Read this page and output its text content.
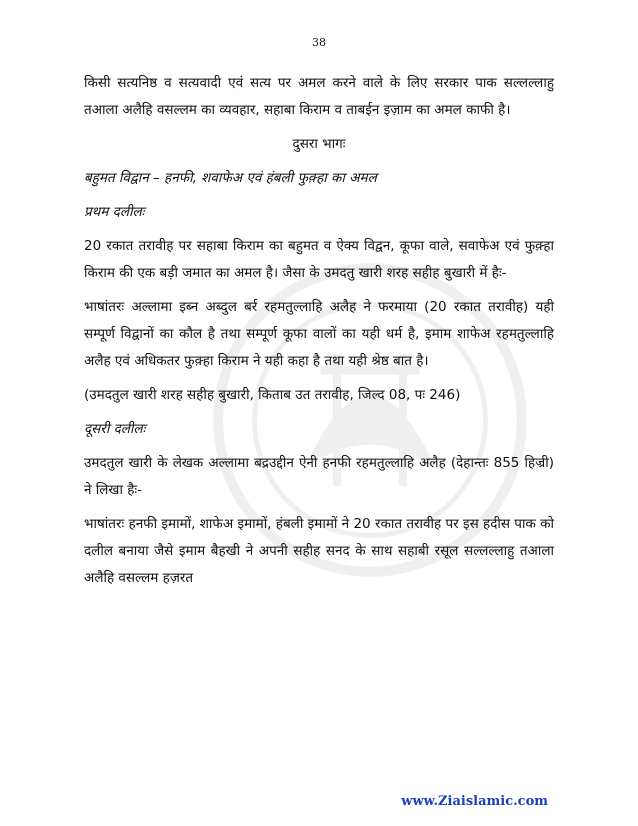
38

किसी सत्यनिष्ठ व सत्यवादी एवं सत्य पर अमल करने वाले के लिए सरकार पाक सल्लल्लाहु तआला अलैहि वसल्लम का व्यवहार, सहाबा किराम व ताबईन इज़ाम का अमल काफी है।

दुसरा भागः

बहुमत विद्वान – हनफी, शवाफेअ एवं हंबली फुक़्हा का अमल

प्रथम दलीलः

20 रकात तरावीह पर सहाबा किराम का बहुमत व ऐक्य विद्वन, कूफा वाले, सवाफेअ एवं फुक़्हा किराम की एक बड़ी जमात का अमल है। जैसा के उमदतु खारी शरह सहीह बुखारी में हैः-

भाषांतरः अल्लामा इब्न अब्दुल बर्र रहमतुल्लाहि अलैह ने फरमाया (20 रकात तरावीह) यही सम्पूर्ण विद्वानों का कौल है तथा सम्पूर्ण कूफा वालों का यही धर्म है, इमाम शाफेअ रहमतुल्लाहि अलैह एवं अधिकतर फुक़्हा किराम ने यही कहा है तथा यही श्रेष्ठ बात है।

(उमदतुल खारी शरह सहीह बुखारी, किताब उत तरावीह, जिल्द 08, पः 246)

दूसरी दलीलः

उमदतुल खारी के लेखक अल्लामा बद्रउद्दीन ऐनी हनफी रहमतुल्लाहि अलैह (देहान्तः 855 हिज्री) ने लिखा हैः-

भाषांतरः हनफी इमामों, शाफेअ इमामों, हंबली इमामों ने 20 रकात तरावीह पर इस हदीस पाक को दलील बनाया जैसे इमाम बैहखी ने अपनी सहीह सनद के साथ सहाबी रसूल सल्लल्लाहु तआला अलैहि वसल्लम हज़रत

www.Ziaislamic.com
